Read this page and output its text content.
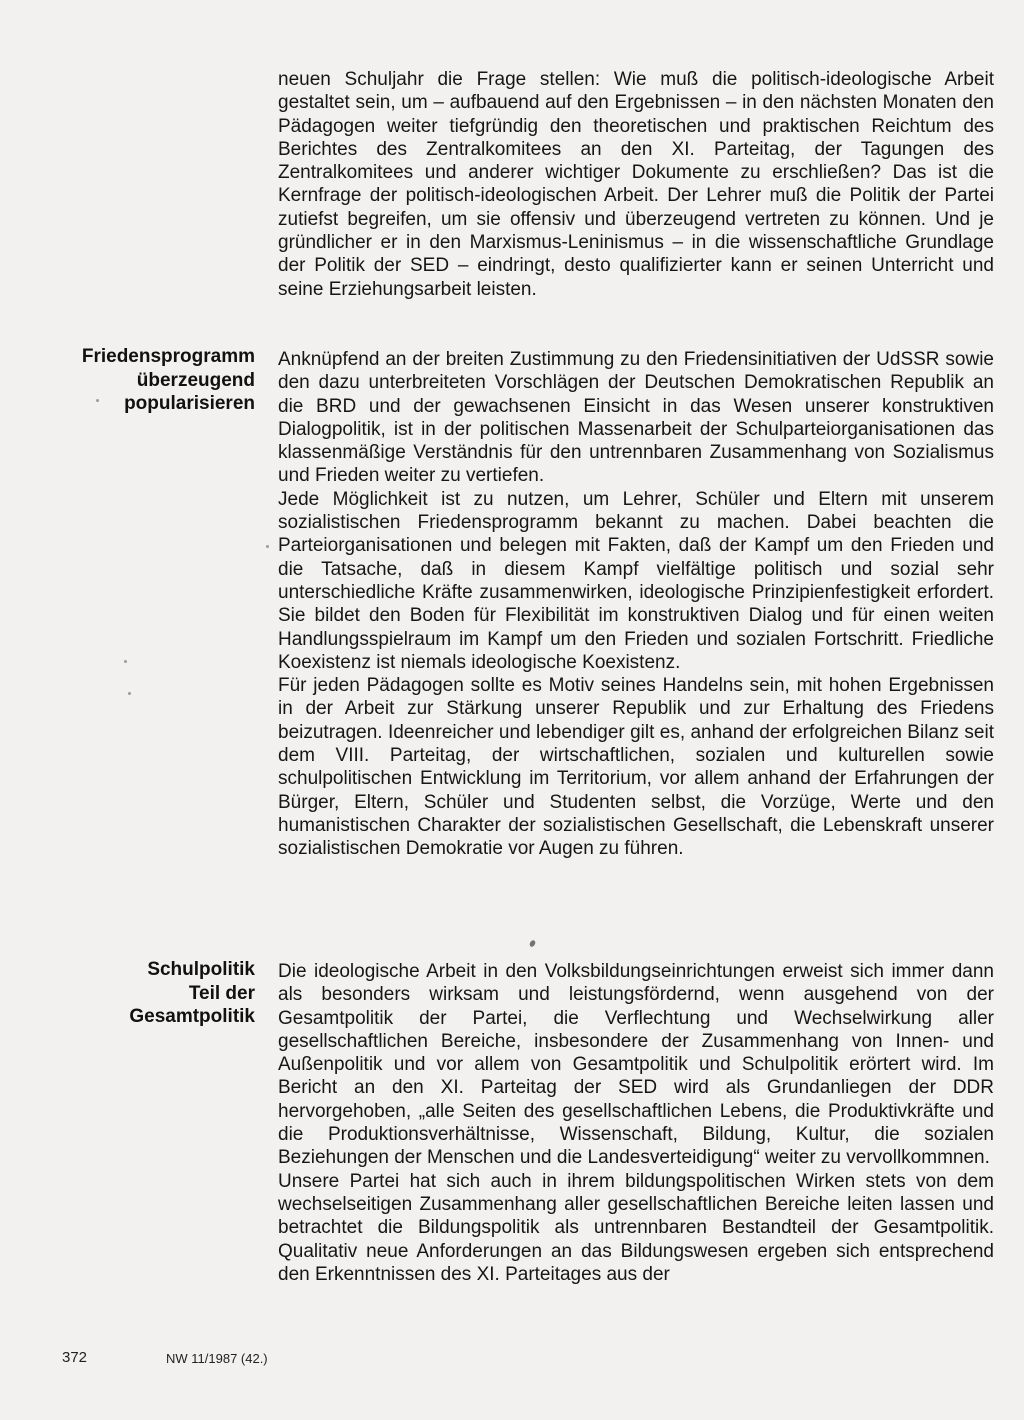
neuen Schuljahr die Frage stellen: Wie muß die politisch-ideologische Arbeit gestaltet sein, um – aufbauend auf den Ergebnissen – in den nächsten Monaten den Pädagogen weiter tiefgründig den theoretischen und praktischen Reichtum des Berichtes des Zentralkomitees an den XI. Parteitag, der Tagungen des Zentralkomitees und anderer wichtiger Dokumente zu erschließen? Das ist die Kernfrage der politisch-ideologischen Arbeit. Der Lehrer muß die Politik der Partei zutiefst begreifen, um sie offensiv und überzeugend vertreten zu können. Und je gründlicher er in den Marxismus-Leninismus – in die wissenschaftliche Grundlage der Politik der SED – eindringt, desto qualifizierter kann er seinen Unterricht und seine Erziehungsarbeit leisten.

Friedensprogramm
überzeugend
popularisieren

Anknüpfend an der breiten Zustimmung zu den Friedensinitiativen der UdSSR sowie den dazu unterbreiteten Vorschlägen der Deutschen Demokratischen Republik an die BRD und der gewachsenen Einsicht in das Wesen unserer konstruktiven Dialogpolitik, ist in der politischen Massenarbeit der Schulparteiorganisationen das klassenmäßige Verständnis für den untrennbaren Zusammenhang von Sozialismus und Frieden weiter zu vertiefen.

Jede Möglichkeit ist zu nutzen, um Lehrer, Schüler und Eltern mit unserem sozialistischen Friedensprogramm bekannt zu machen. Dabei beachten die Parteiorganisationen und belegen mit Fakten, daß der Kampf um den Frieden und die Tatsache, daß in diesem Kampf vielfältige politisch und sozial sehr unterschiedliche Kräfte zusammenwirken, ideologische Prinzipienfestigkeit erfordert. Sie bildet den Boden für Flexibilität im konstruktiven Dialog und für einen weiten Handlungsspielraum im Kampf um den Frieden und sozialen Fortschritt. Friedliche Koexistenz ist niemals ideologische Koexistenz.

Für jeden Pädagogen sollte es Motiv seines Handelns sein, mit hohen Ergebnissen in der Arbeit zur Stärkung unserer Republik und zur Erhaltung des Friedens beizutragen. Ideenreicher und lebendiger gilt es, anhand der erfolgreichen Bilanz seit dem VIII. Parteitag, der wirtschaftlichen, sozialen und kulturellen sowie schulpolitischen Entwicklung im Territorium, vor allem anhand der Erfahrungen der Bürger, Eltern, Schüler und Studenten selbst, die Vorzüge, Werte und den humanistischen Charakter der sozialistischen Gesellschaft, die Lebenskraft unserer sozialistischen Demokratie vor Augen zu führen.

Schulpolitik
Teil der
Gesamtpolitik

Die ideologische Arbeit in den Volksbildungseinrichtungen erweist sich immer dann als besonders wirksam und leistungsfördernd, wenn ausgehend von der Gesamtpolitik der Partei, die Verflechtung und Wechselwirkung aller gesellschaftlichen Bereiche, insbesondere der Zusammenhang von Innen- und Außenpolitik und vor allem von Gesamtpolitik und Schulpolitik erörtert wird. Im Bericht an den XI. Parteitag der SED wird als Grundanliegen der DDR hervorgehoben, „alle Seiten des gesellschaftlichen Lebens, die Produktivkräfte und die Produktionsverhältnisse, Wissenschaft, Bildung, Kultur, die sozialen Beziehungen der Menschen und die Landesverteidigung“ weiter zu vervollkommnen.

Unsere Partei hat sich auch in ihrem bildungspolitischen Wirken stets von dem wechselseitigen Zusammenhang aller gesellschaftlichen Bereiche leiten lassen und betrachtet die Bildungspolitik als untrennbaren Bestandteil der Gesamtpolitik. Qualitativ neue Anforderungen an das Bildungswesen ergeben sich entsprechend den Erkenntnissen des XI. Parteitages aus der

372	NW 11/1987 (42.)
